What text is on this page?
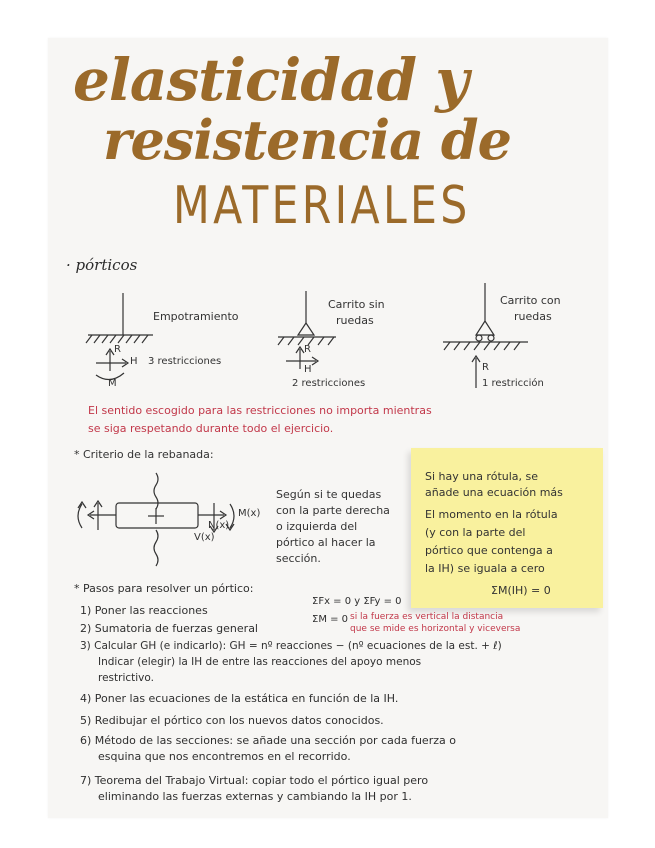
elasticidad y
resistencia de
MATERIALES
· pórticos
Empotramiento
Carrito sin
ruedas
Carrito con
ruedas
R
H
M
3 restricciones
R
H
2 restricciones
R
1 restricción
El sentido escogido para las restricciones no importa mientras
se siga respetando durante todo el ejercicio.
* Criterio de la rebanada:
M(x)
N(x)
V(x)
Según si te quedas
con la parte derecha
o izquierda del
pórtico al hacer la
sección.
Si hay una rótula, se
añade una ecuación más
El momento en la rótula
(y con la parte del
pórtico que contenga a
la IH) se iguala a cero
ΣM(IH) = 0
* Pasos para resolver un pórtico:
1) Poner las reacciones
2) Sumatoria de fuerzas general
ΣFx = 0 y ΣFy = 0
ΣM = 0 si la fuerza es vertical la distancia
que se mide es horizontal y viceversa
3) Calcular GH (e indicarlo): GH = nº reacciones − (nº ecuaciones de la est. + ℓ)
Indicar (elegir) la IH de entre las reacciones del apoyo menos
restrictivo.
4) Poner las ecuaciones de la estática en función de la IH.
5) Redibujar el pórtico con los nuevos datos conocidos.
6) Método de las secciones: se añade una sección por cada fuerza o
esquina que nos encontremos en el recorrido.
7) Teorema del Trabajo Virtual: copiar todo el pórtico igual pero
eliminando las fuerzas externas y cambiando la IH por 1.
